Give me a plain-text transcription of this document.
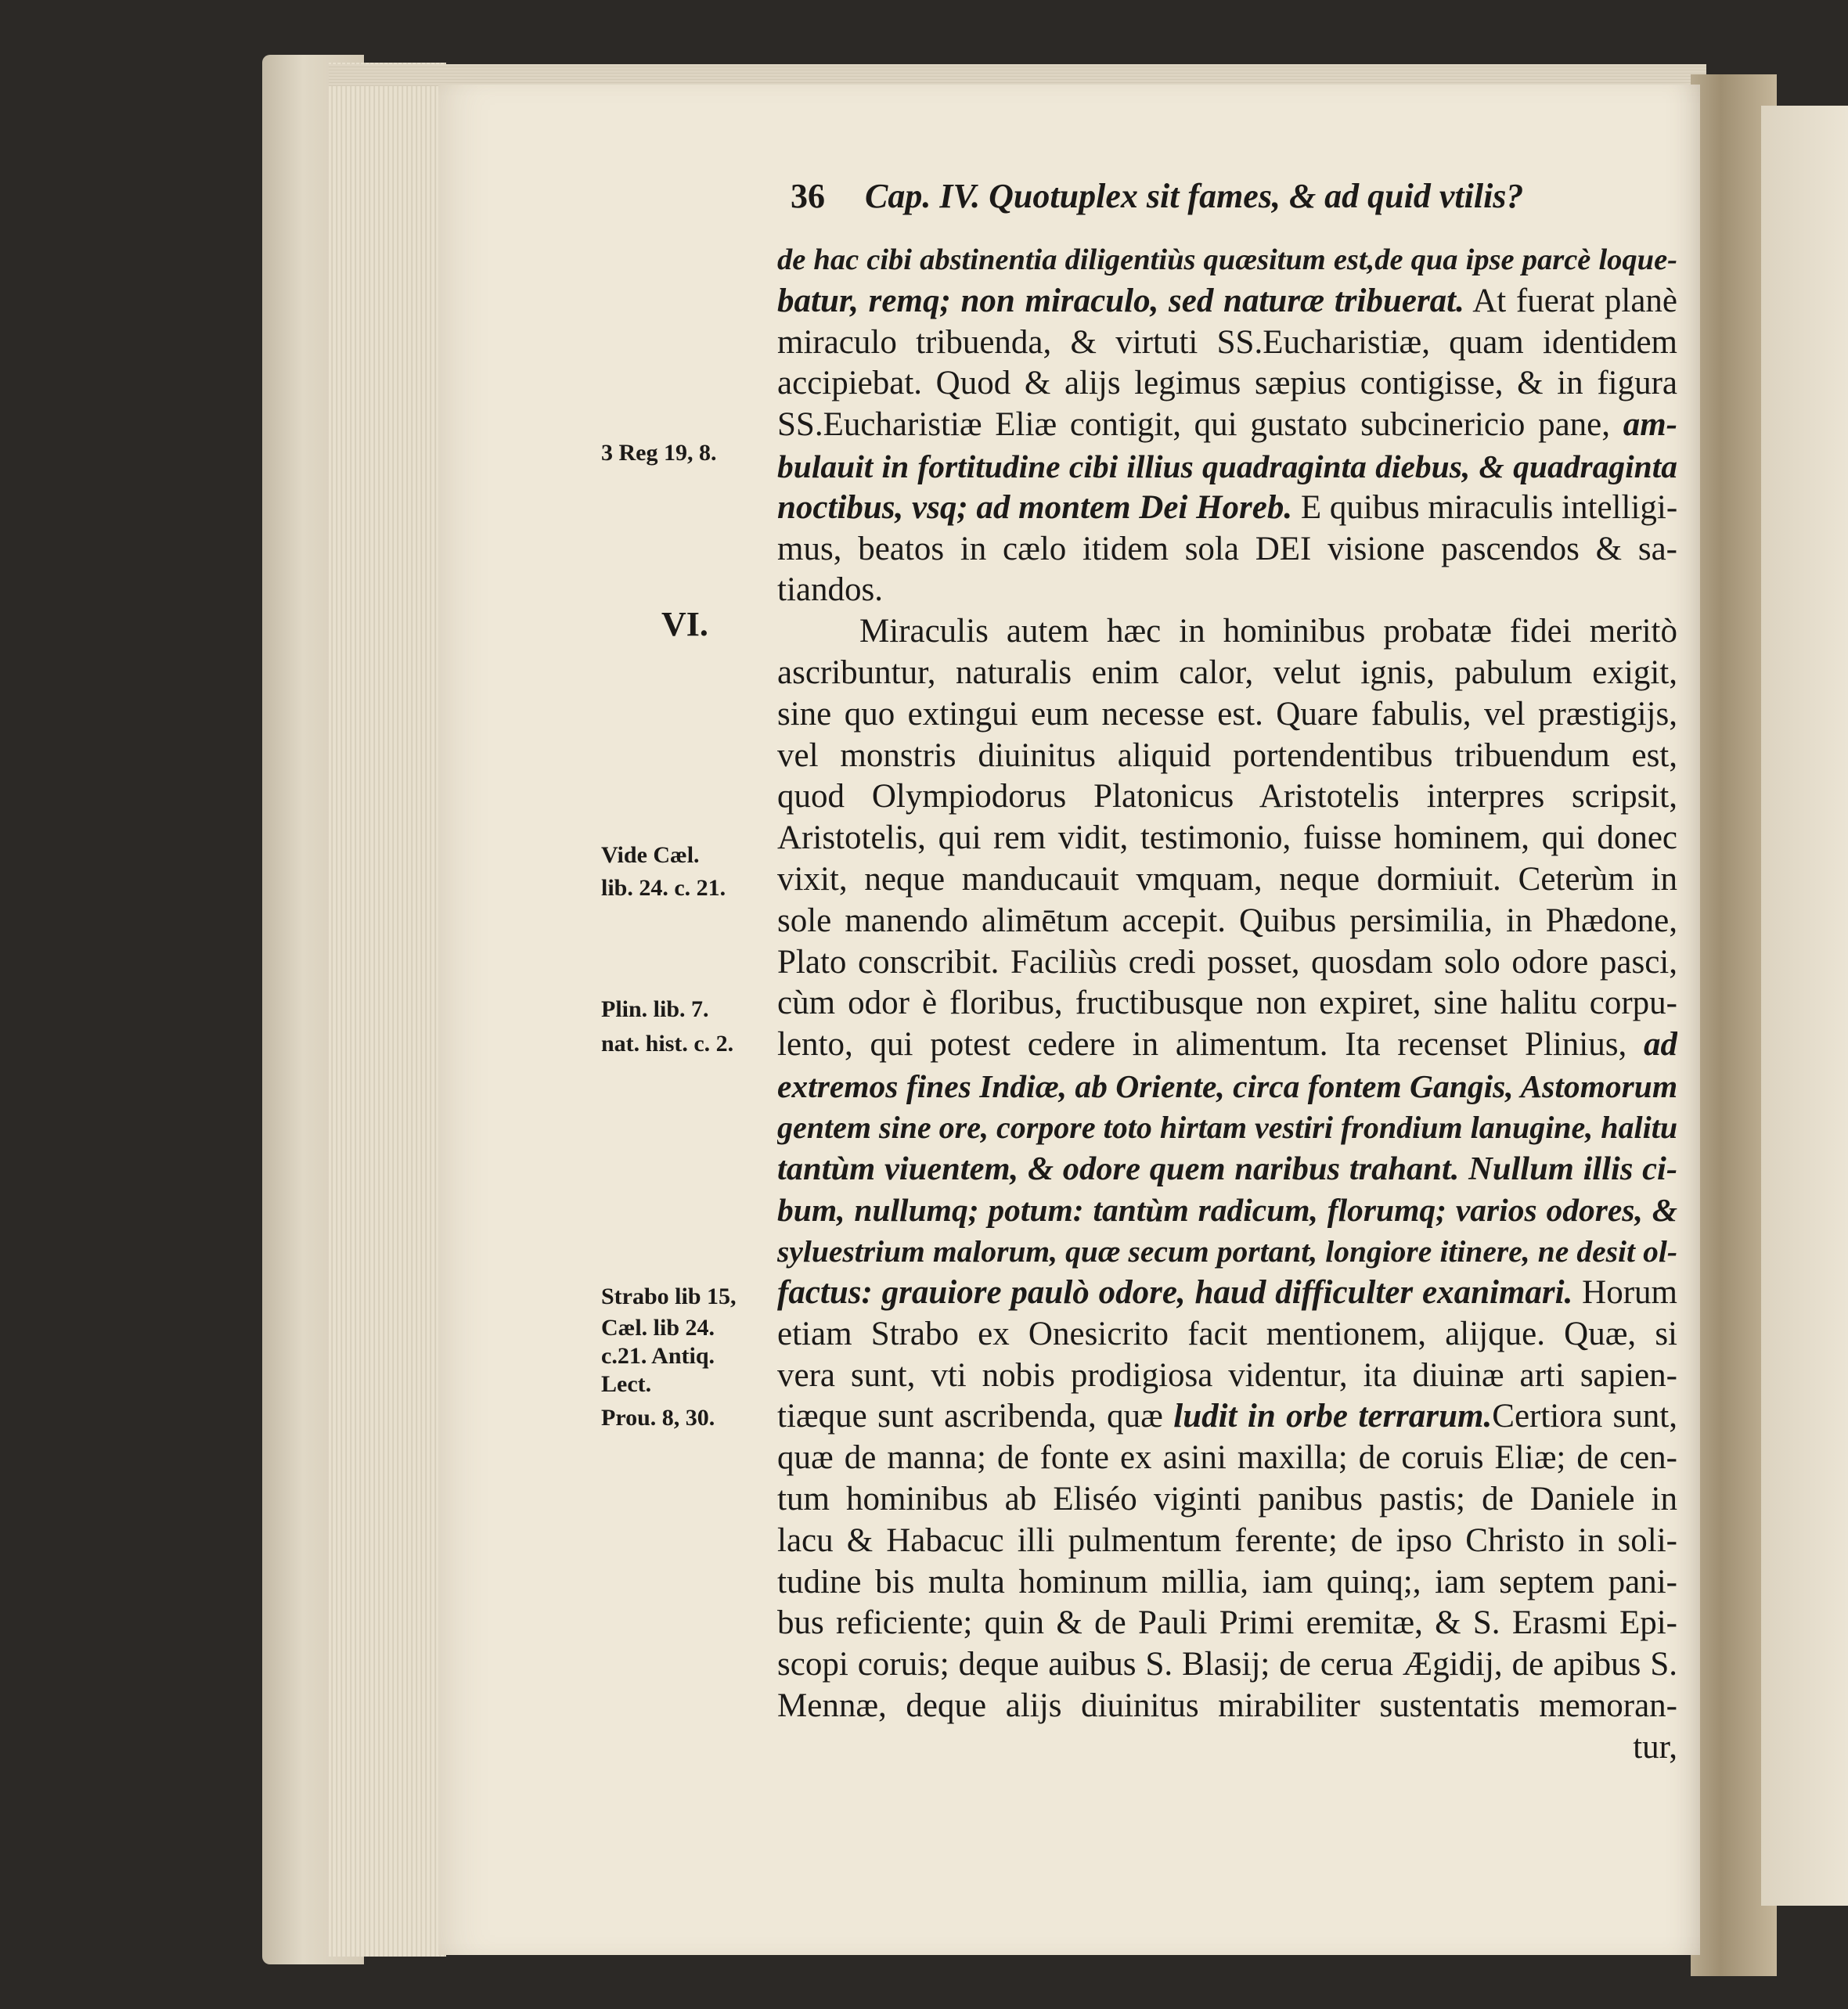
36 Cap. IV. Quotuplex sit fames, & ad quid vtilis?
3 Reg 19, 8.
Vide Cæl.
lib. 24. c. 21.
Plin. lib. 7.
nat. hist. c. 2.
Strabo lib 15,
Cæl. lib 24.
c.21. Antiq.
Lect.
Prou. 8, 30.
VI.
de hac cibi abstinentia diligentiùs quæsitum est,de qua ipse parcè loque-
batur, remq; non miraculo, sed naturæ tribuerat. At fuerat planè
miraculo tribuenda, & virtuti SS.Eucharistiæ, quam identidem
accipiebat. Quod & alijs legimus sæpius contigisse, & in figura
SS.Eucharistiæ Eliæ contigit, qui gustato subcinericio pane, am-
bulauit in fortitudine cibi illius quadraginta diebus, & quadraginta
noctibus, vsq; ad montem Dei Horeb. E quibus miraculis intelligi-
mus, beatos in cælo itidem sola DEI visione pascendos & sa-
tiandos.
Miraculis autem hæc in hominibus probatæ fidei meritò
ascribuntur, naturalis enim calor, velut ignis, pabulum exigit,
sine quo extingui eum necesse est. Quare fabulis, vel præstigijs,
vel monstris diuinitus aliquid portendentibus tribuendum est,
quod Olympiodorus Platonicus Aristotelis interpres scripsit,
Aristotelis, qui rem vidit, testimonio, fuisse hominem, qui donec
vixit, neque manducauit vmquam, neque dormiuit. Ceterùm in
sole manendo alimētum accepit. Quibus persimilia, in Phædone,
Plato conscribit. Faciliùs credi posset, quosdam solo odore pasci,
cùm odor è floribus, fructibusque non expiret, sine halitu corpu-
lento, qui potest cedere in alimentum. Ita recenset Plinius, ad
extremos fines Indiæ, ab Oriente, circa fontem Gangis, Astomorum
gentem sine ore, corpore toto hirtam vestiri frondium lanugine, halitu
tantùm viuentem, & odore quem naribus trahant. Nullum illis ci-
bum, nullumq; potum: tantùm radicum, florumq; varios odores, &
syluestrium malorum, quæ secum portant, longiore itinere, ne desit ol-
factus: grauiore paulò odore, haud difficulter exanimari. Horum
etiam Strabo ex Onesicrito facit mentionem, alijque. Quæ, si
vera sunt, vti nobis prodigiosa videntur, ita diuinæ arti sapien-
tiæque sunt ascribenda, quæ ludit in orbe terrarum.Certiora sunt,
quæ de manna; de fonte ex asini maxilla; de coruis Eliæ; de cen-
tum hominibus ab Eliséo viginti panibus pastis; de Daniele in
lacu & Habacuc illi pulmentum ferente; de ipso Christo in soli-
tudine bis multa hominum millia, iam quinq;, iam septem pani-
bus reficiente; quin & de Pauli Primi eremitæ, & S. Erasmi Epi-
scopi coruis; deque auibus S. Blasij; de cerua Ægidij, de apibus S.
Mennæ, deque alijs diuinitus mirabiliter sustentatis memoran-
tur,
